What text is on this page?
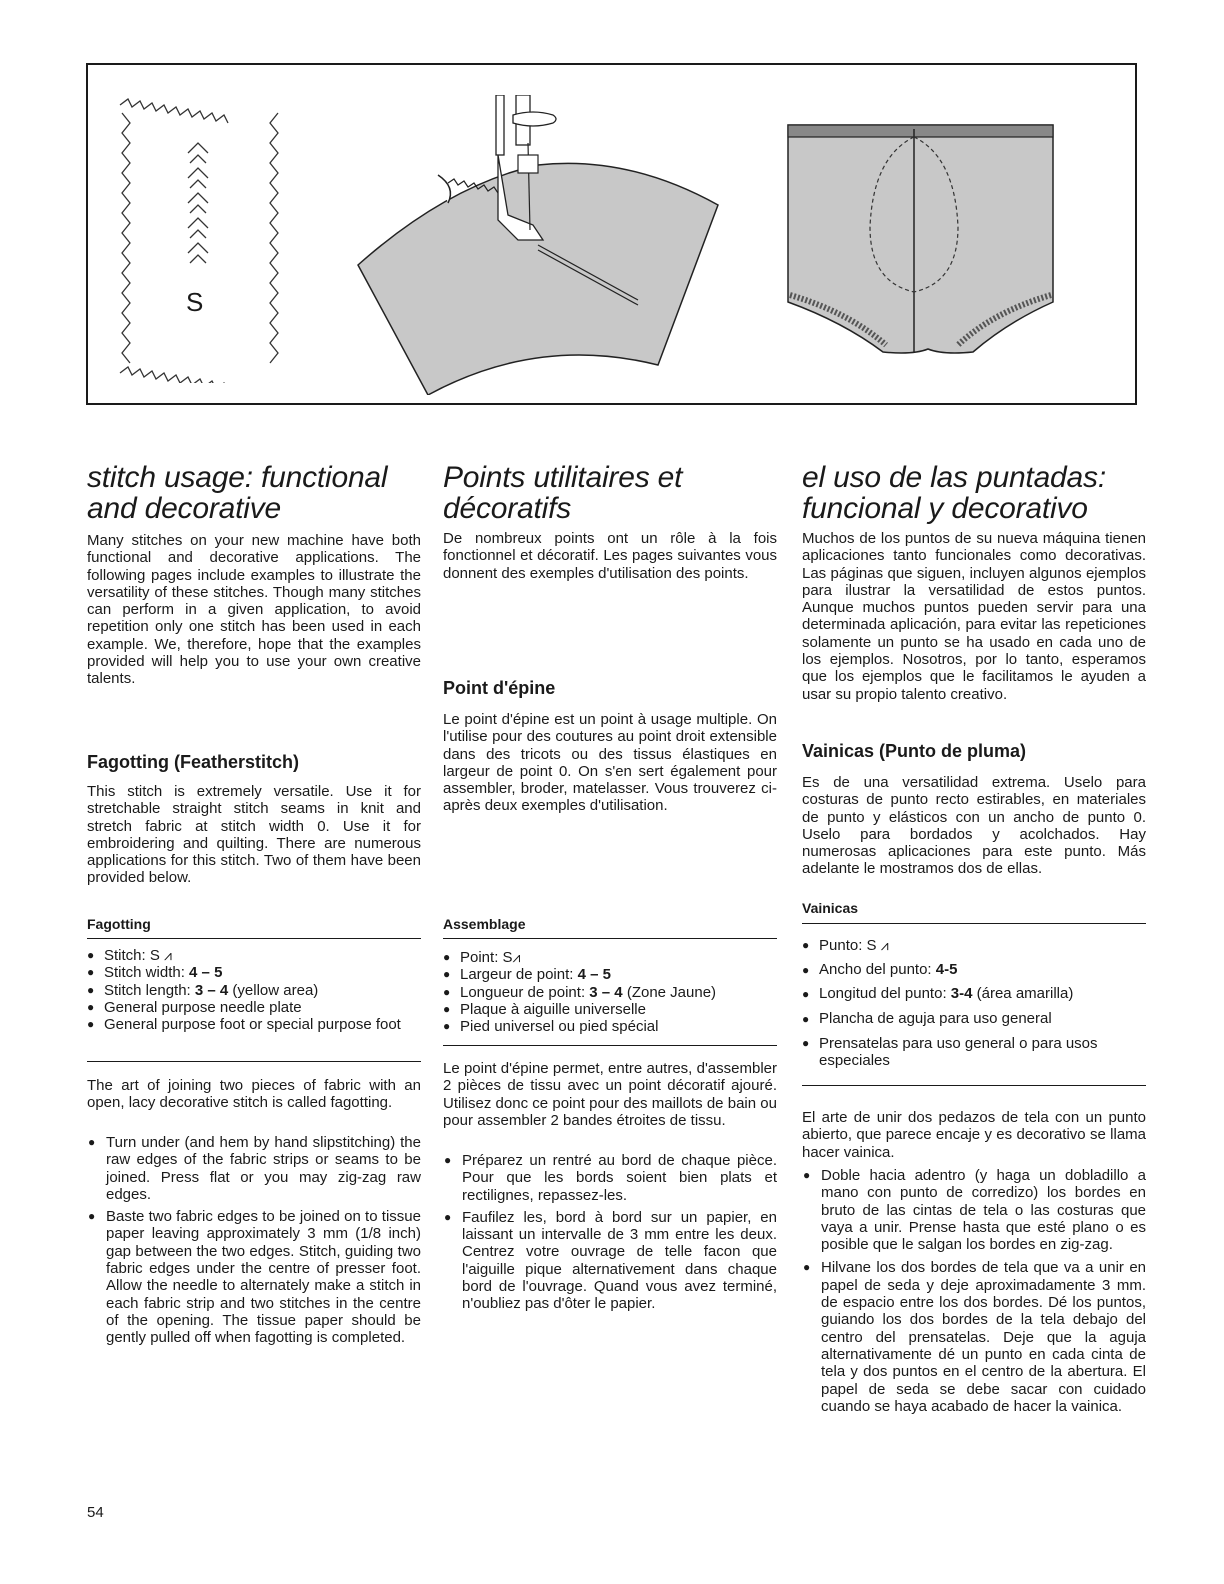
S
stitch usage: functional
and decorative

Many stitches on your new machine have both functional and decorative applications. The following pages include examples to illustrate the versatility of these stitches. Though many stitches can perform in a given application, to avoid repetition only one stitch has been used in each example. We, therefore, hope that the examples provided will help you to use your own creative talents.

Fagotting (Featherstitch)

This stitch is extremely versatile. Use it for stretchable straight stitch seams in knit and stretch fabric at stitch width 0. Use it for embroidering and quilting. There are numerous applications for this stitch. Two of them have been provided below.

Fagotting
● Stitch: S ⩘
● Stitch width: 4 – 5
● Stitch length: 3 – 4 (yellow area)
● General purpose needle plate
● General purpose foot or special purpose foot

The art of joining two pieces of fabric with an open, lacy decorative stitch is called fagotting.

● Turn under (and hem by hand slipstitching) the raw edges of the fabric strips or seams to be joined. Press flat or you may zig-zag raw edges.
● Baste two fabric edges to be joined on to tissue paper leaving approximately 3 mm (1/8 inch) gap between the two edges. Stitch, guiding two fabric edges under the centre of presser foot. Allow the needle to alternately make a stitch in each fabric strip and two stitches in the centre of the opening. The tissue paper should be gently pulled off when fagotting is completed.
Points utilitaires et
décoratifs

De nombreux points ont un rôle à la fois fonctionnel et décoratif. Les pages suivantes vous donnent des exemples d'utilisation des points.

Point d'épine

Le point d'épine est un point à usage multiple. On l'utilise pour des coutures au point droit extensible dans des tricots ou des tissus élastiques en largeur de point 0. On s'en sert également pour assembler, broder, matelasser. Vous trouverez ci-après deux exemples d'utilisation.

Assemblage
● Point: S⩘
● Largeur de point: 4 – 5
● Longueur de point: 3 – 4 (Zone Jaune)
● Plaque à aiguille universelle
● Pied universel ou pied spécial

Le point d'épine permet, entre autres, d'assembler 2 pièces de tissu avec un point décoratif ajouré. Utilisez donc ce point pour des maillots de bain ou pour assembler 2 bandes étroites de tissu.

● Préparez un rentré au bord de chaque pièce. Pour que les bords soient bien plats et rectilignes, repassez-les.
● Faufilez les, bord à bord sur un papier, en laissant un intervalle de 3 mm entre les deux. Centrez votre ouvrage de telle facon que l'aiguille pique alternativement dans chaque bord de l'ouvrage. Quand vous avez terminé, n'oubliez pas d'ôter le papier.
el uso de las puntadas:
funcional y decorativo

Muchos de los puntos de su nueva máquina tienen aplicaciones tanto funcionales como decorativas. Las páginas que siguen, incluyen algunos ejemplos para ilustrar la versatilidad de estos puntos. Aunque muchos puntos pueden servir para una determinada aplicación, para evitar las repeticiones solamente un punto se ha usado en cada uno de los ejemplos. Nosotros, por lo tanto, esperamos que los ejemplos que le facilitamos le ayuden a usar su propio talento creativo.

Vainicas (Punto de pluma)

Es de una versatilidad extrema. Uselo para costuras de punto recto estirables, en materiales de punto y elásticos con un ancho de punto 0. Uselo para bordados y acolchados. Hay numerosas aplicaciones para este punto. Más adelante le mostramos dos de ellas.

Vainicas
● Punto: S ⩘
● Ancho del punto: 4-5
● Longitud del punto: 3-4 (área amarilla)
● Plancha de aguja para uso general
● Prensatelas para uso general o para usos especiales

El arte de unir dos pedazos de tela con un punto abierto, que parece encaje y es decorativo se llama hacer vainica.

● Doble hacia adentro (y haga un dobladillo a mano con punto de corredizo) los bordes en bruto de las cintas de tela o las costuras que vaya a unir. Prense hasta que esté plano o es posible que le salgan los bordes en zig-zag.
● Hilvane los dos bordes de tela que va a unir en papel de seda y deje aproximadamente 3 mm. de espacio entre los dos bordes. Dé los puntos, guiando los dos bordes de la tela debajo del centro del prensatelas. Deje que la aguja alternativamente dé un punto en cada cinta de tela y dos puntos en el centro de la abertura. El papel de seda se debe sacar con cuidado cuando se haya acabado de hacer la vainica.
54
